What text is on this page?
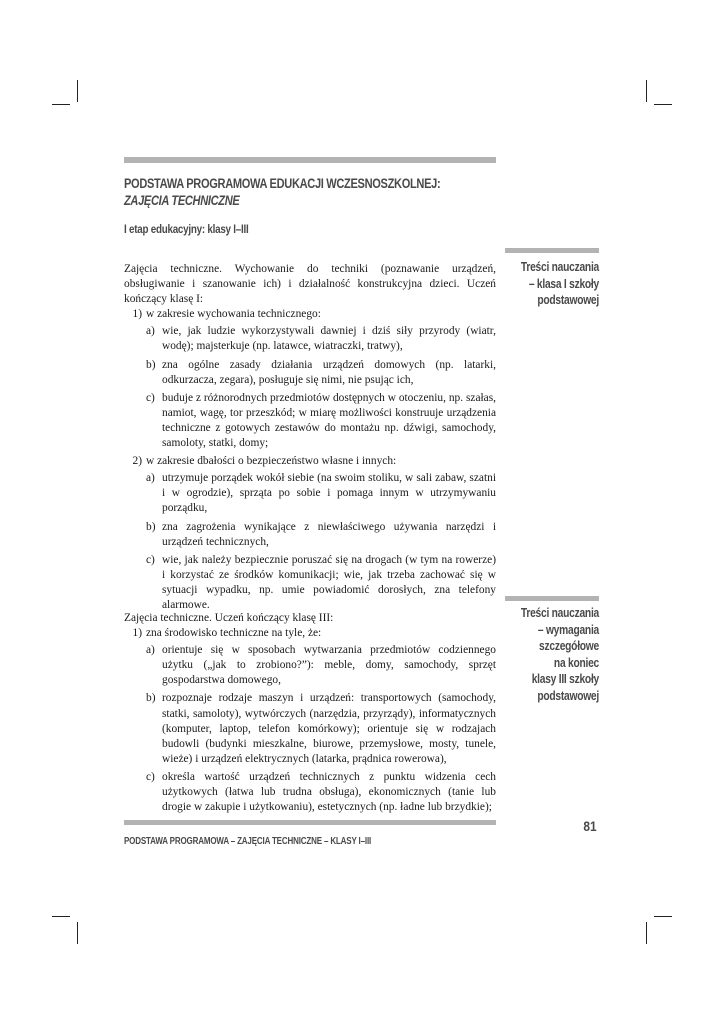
PODSTAWA PROGRAMOWA EDUKACJI WCZESNOSZKOLNEJ:
ZAJĘCIA TECHNICZNE
I etap edukacyjny: klasy I–III
Treści nauczania
– klasa I szkoły
podstawowej

Zajęcia techniczne. Wychowanie do techniki (poznawanie urządzeń, obsługiwanie i szanowanie ich) i działalność konstrukcyjna dzieci. Uczeń kończący klasę I:

1) w zakresie wychowania technicznego:
a) wie, jak ludzie wykorzystywali dawniej i dziś siły przyrody (wiatr, wodę); majsterkuje (np. latawce, wiatraczki, tratwy),
b) zna ogólne zasady działania urządzeń domowych (np. latarki, odkurzacza, zegara), posługuje się nimi, nie psując ich,
c) buduje z różnorodnych przedmiotów dostępnych w otoczeniu, np. szałas, namiot, wagę, tor przeszkód; w miarę możliwości konstruuje urządzenia techniczne z gotowych zestawów do montażu np. dźwigi, samochody, samoloty, statki, domy;
2) w zakresie dbałości o bezpieczeństwo własne i innych:
a) utrzymuje porządek wokół siebie (na swoim stoliku, w sali zabaw, szatni i w ogrodzie), sprząta po sobie i pomaga innym w utrzymywaniu porządku,
b) zna zagrożenia wynikające z niewłaściwego używania narzędzi i urządzeń technicznych,
c) wie, jak należy bezpiecznie poruszać się na drogach (w tym na rowerze) i korzystać ze środków komunikacji; wie, jak trzeba zachować się w sytuacji wypadku, np. umie powiadomić dorosłych, zna telefony alarmowe.
Treści nauczania
– wymagania
szczegółowe
na koniec
klasy III szkoły
podstawowej

Zajęcia techniczne. Uczeń kończący klasę III:

1) zna środowisko techniczne na tyle, że:
a) orientuje się w sposobach wytwarzania przedmiotów codziennego użytku („jak to zrobiono?”): meble, domy, samochody, sprzęt gospodarstwa domowego,
b) rozpoznaje rodzaje maszyn i urządzeń: transportowych (samochody, statki, samoloty), wytwórczych (narzędzia, przyrządy), informatycznych (komputer, laptop, telefon komórkowy); orientuje się w rodzajach budowli (budynki mieszkalne, biurowe, przemysłowe, mosty, tunele, wieże) i urządzeń elektrycznych (latarka, prądnica rowerowa),
c) określa wartość urządzeń technicznych z punktu widzenia cech użytkowych (łatwa lub trudna obsługa), ekonomicznych (tanie lub drogie w zakupie i użytkowaniu), estetycznych (np. ładne lub brzydkie);
81
PODSTAWA PROGRAMOWA – ZAJĘCIA TECHNICZNE – KLASY I–III
